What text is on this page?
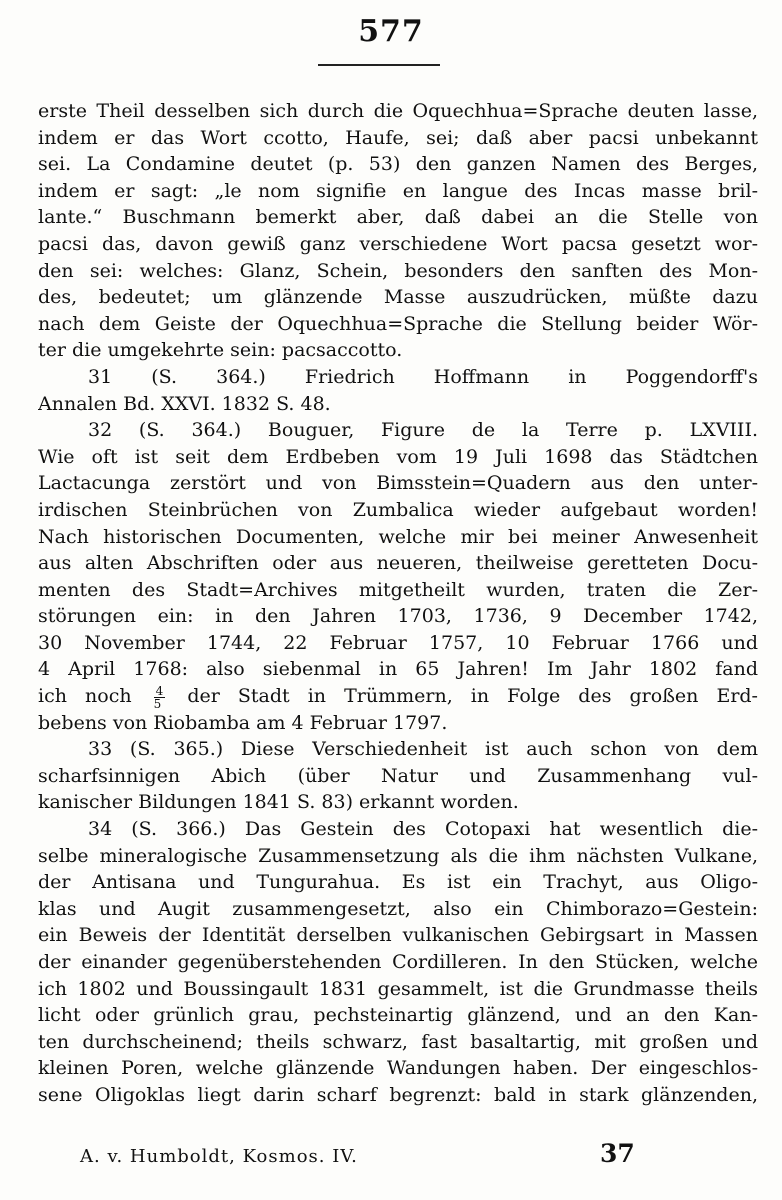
577
erste Theil desselben sich durch die Oquechhua=Sprache deuten lasse,
indem er das Wort ccotto, Haufe, sei; daß aber pacsi unbekannt
sei. La Condamine deutet (p. 53) den ganzen Namen des Berges,
indem er sagt: „le nom signifie en langue des Incas masse bril-
lante.“ Buschmann bemerkt aber, daß dabei an die Stelle von
pacsi das, davon gewiß ganz verschiedene Wort pacsa gesetzt wor-
den sei: welches: Glanz, Schein, besonders den sanften des Mon-
des, bedeutet; um glänzende Masse auszudrücken, müßte dazu
nach dem Geiste der Oquechhua=Sprache die Stellung beider Wör-
ter die umgekehrte sein: pacsaccotto.
31 (S. 364.) Friedrich Hoffmann in Poggendorff's
Annalen Bd. XXVI. 1832 S. 48.
32 (S. 364.) Bouguer, Figure de la Terre p. LXVIII.
Wie oft ist seit dem Erdbeben vom 19 Juli 1698 das Städtchen
Lactacunga zerstört und von Bimsstein=Quadern aus den unter-
irdischen Steinbrüchen von Zumbalica wieder aufgebaut worden!
Nach historischen Documenten, welche mir bei meiner Anwesenheit
aus alten Abschriften oder aus neueren, theilweise geretteten Docu-
menten des Stadt=Archives mitgetheilt wurden, traten die Zer-
störungen ein: in den Jahren 1703, 1736, 9 December 1742,
30 November 1744, 22 Februar 1757, 10 Februar 1766 und
4 April 1768: also siebenmal in 65 Jahren! Im Jahr 1802 fand
ich noch $\frac{4}{5}$ der Stadt in Trümmern, in Folge des großen Erd-
bebens von Riobamba am 4 Februar 1797.
33 (S. 365.) Diese Verschiedenheit ist auch schon von dem
scharfsinnigen Abich (über Natur und Zusammenhang vul-
kanischer Bildungen 1841 S. 83) erkannt worden.
34 (S. 366.) Das Gestein des Cotopaxi hat wesentlich die-
selbe mineralogische Zusammensetzung als die ihm nächsten Vulkane,
der Antisana und Tungurahua. Es ist ein Trachyt, aus Oligo-
klas und Augit zusammengesetzt, also ein Chimborazo=Gestein:
ein Beweis der Identität derselben vulkanischen Gebirgsart in Massen
der einander gegenüberstehenden Cordilleren. In den Stücken, welche
ich 1802 und Boussingault 1831 gesammelt, ist die Grundmasse theils
licht oder grünlich grau, pechsteinartig glänzend, und an den Kan-
ten durchscheinend; theils schwarz, fast basaltartig, mit großen und
kleinen Poren, welche glänzende Wandungen haben. Der eingeschlos-
sene Oligoklas liegt darin scharf begrenzt: bald in stark glänzenden,
A. v. Humboldt, Kosmos. IV.	37
